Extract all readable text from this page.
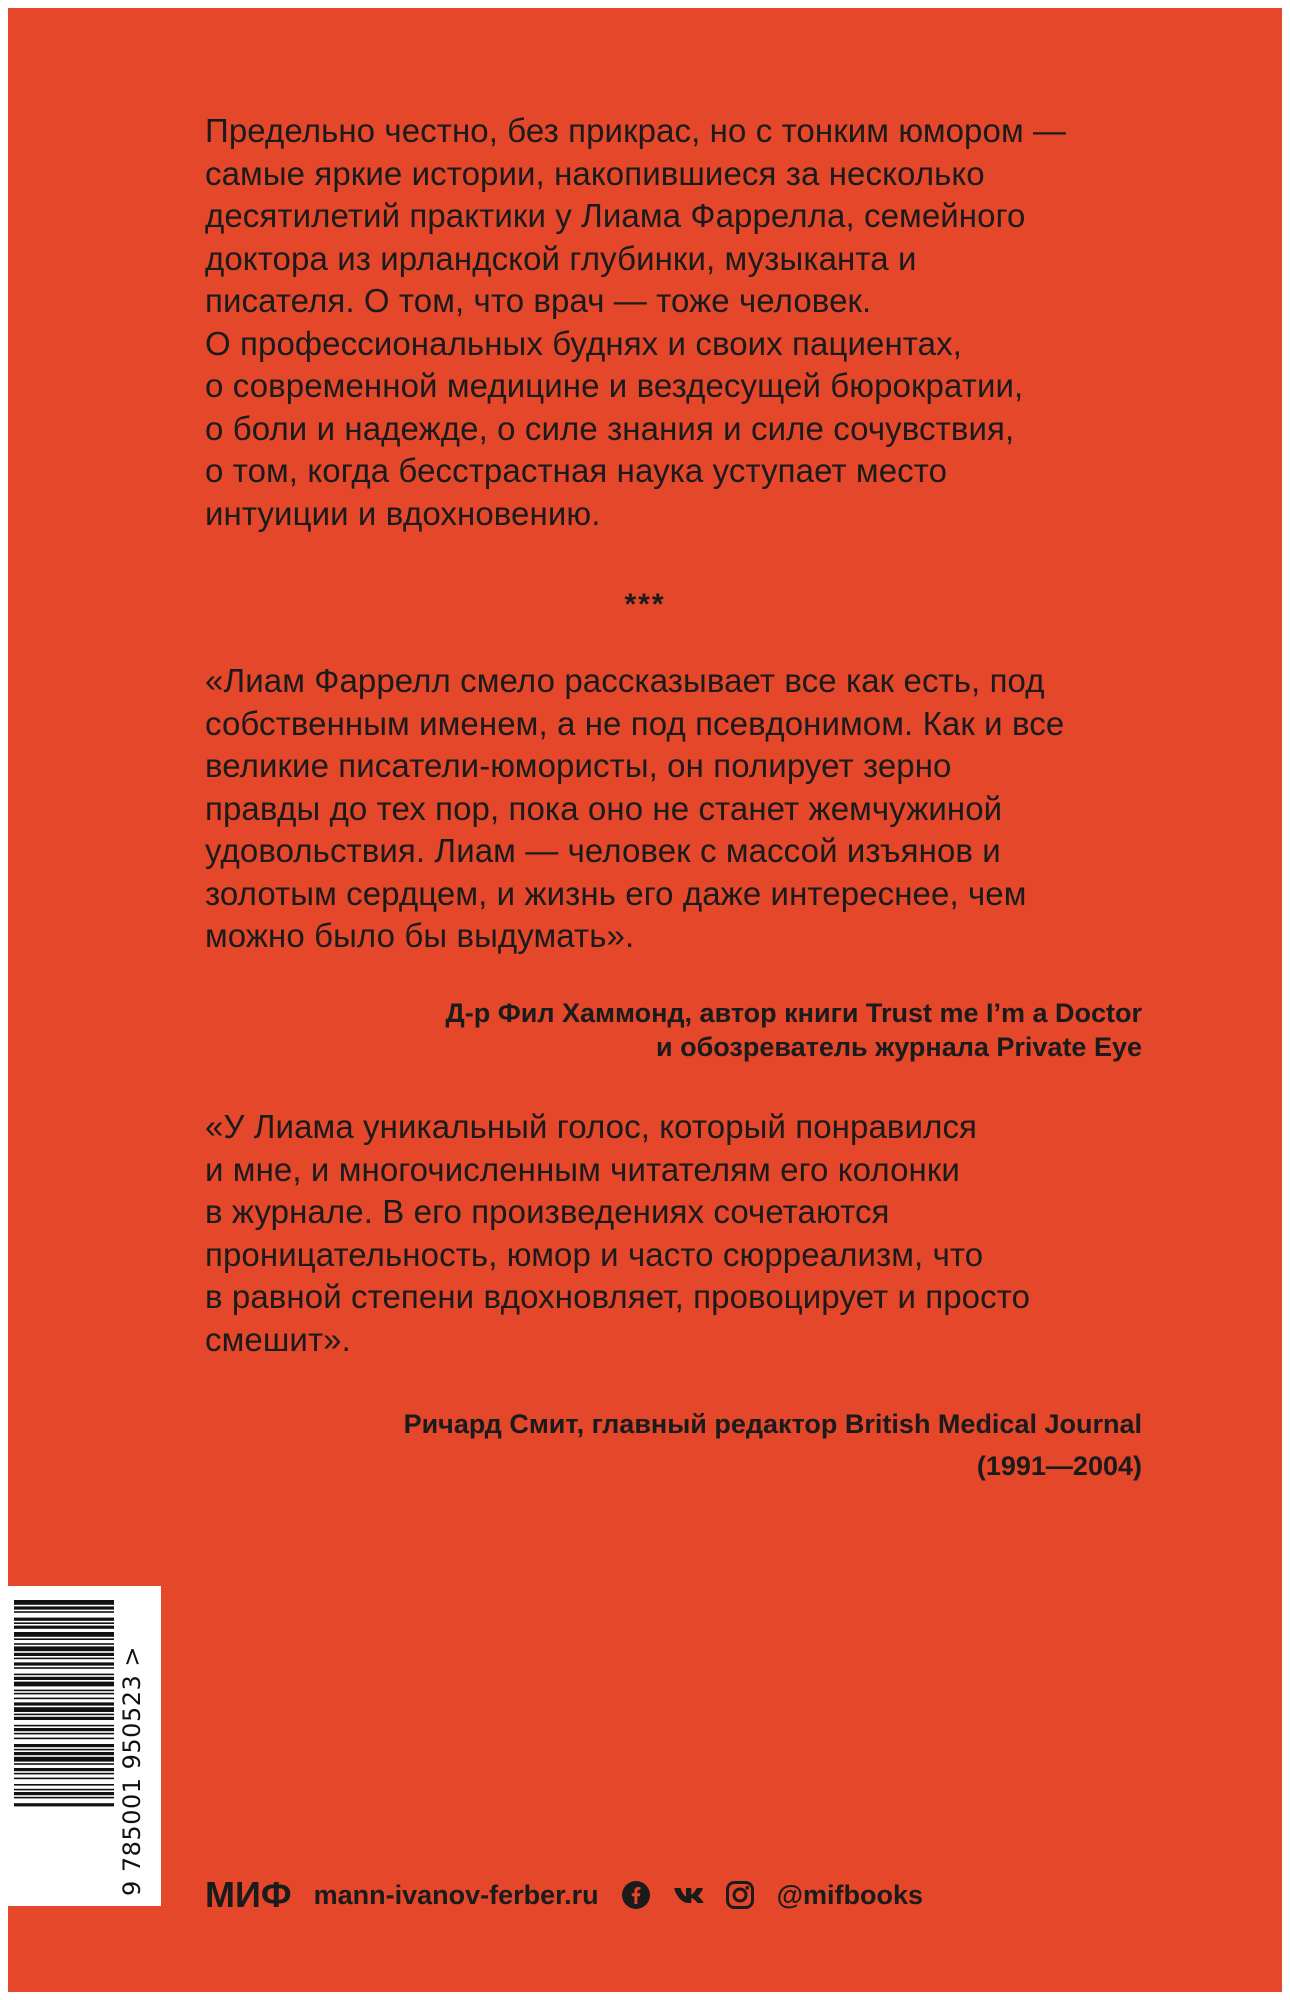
Предельно честно, без прикрас, но с тонким юмором —
самые яркие истории, накопившиеся за несколько
десятилетий практики у Лиама Фаррелла, семейного
доктора из ирландской глубинки, музыканта и
писателя. О том, что врач — тоже человек.
О профессиональных буднях и своих пациентах,
о современной медицине и вездесущей бюрократии,
о боли и надежде, о силе знания и силе сочувствия,
о том, когда бесстрастная наука уступает место
интуиции и вдохновению.
***
«Лиам Фаррелл смело рассказывает все как есть, под
собственным именем, а не под псевдонимом. Как и все
великие писатели-юмористы, он полирует зерно
правды до тех пор, пока оно не станет жемчужиной
удовольствия. Лиам — человек с массой изъянов и
золотым сердцем, и жизнь его даже интереснее, чем
можно было бы выдумать».
Д-р Фил Хаммонд, автор книги Trust me I’m a Doctor
и обозреватель журнала Private Eye
«У Лиама уникальный голос, который понравился
и мне, и многочисленным читателям его колонки
в журнале. В его произведениях сочетаются
проницательность, юмор и часто сюрреализм, что
в равной степени вдохновляет, провоцирует и просто
смешит».
Ричард Смит, главный редактор British Medical Journal
(1991—2004)
9 785001 950523 > МИФ mann-ivanov-ferber.ru	@mifbooks
